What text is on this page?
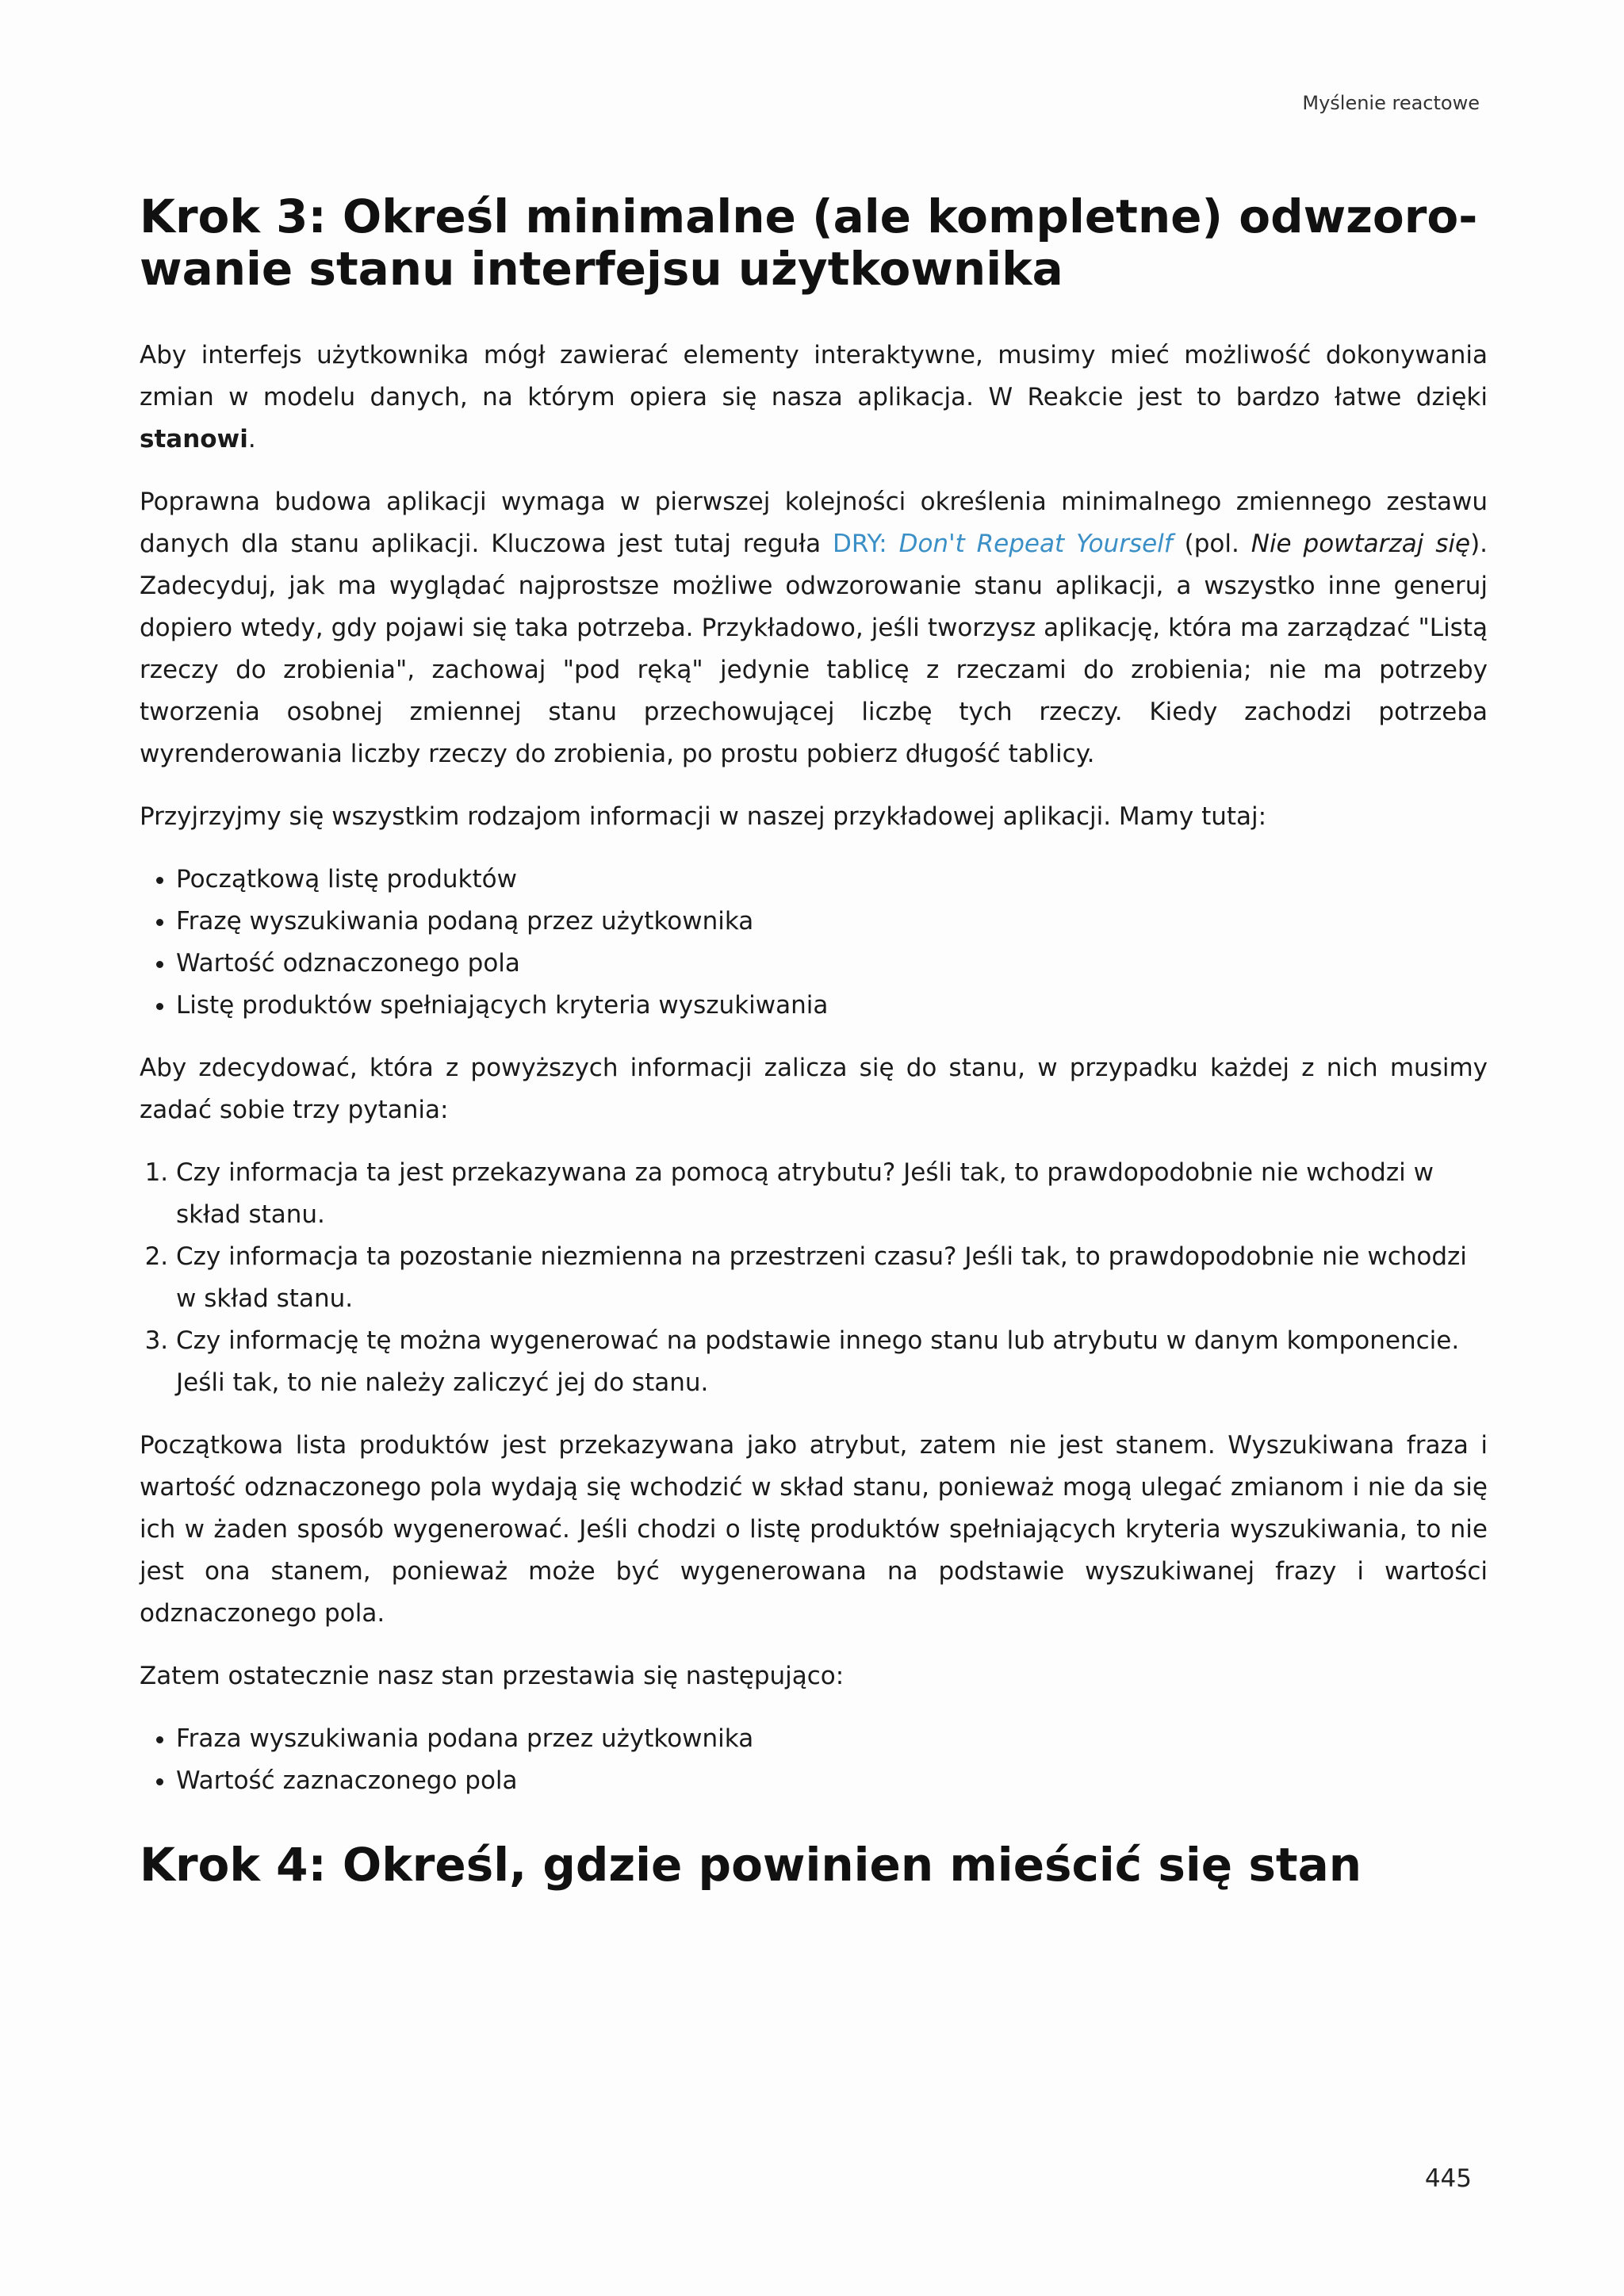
Myślenie reactowe
Krok 3: Określ minimalne (ale kompletne) odwzoro-
wanie stanu interfejsu użytkownika

Aby interfejs użytkownika mógł zawierać elementy interaktywne, musimy mieć możliwość dokonywania zmian w modelu danych, na którym opiera się nasza aplikacja. W Reakcie jest to bardzo łatwe dzięki stanowi.

Poprawna budowa aplikacji wymaga w pierwszej kolejności określenia minimalnego zmiennego zestawu danych dla stanu aplikacji. Kluczowa jest tutaj reguła DRY: Don't Repeat Yourself (pol. Nie powtarzaj się). Zadecyduj, jak ma wyglądać najprostsze możliwe odwzorowanie stanu aplikacji, a wszystko inne generuj dopiero wtedy, gdy pojawi się taka potrzeba. Przykładowo, jeśli tworzysz aplikację, która ma zarządzać "Listą rzeczy do zrobienia", zachowaj "pod ręką" jedynie tablicę z rzeczami do zrobienia; nie ma potrzeby tworzenia osobnej zmiennej stanu przechowującej liczbę tych rzeczy. Kiedy zachodzi potrzeba wyrenderowania liczby rzeczy do zrobienia, po prostu pobierz długość tablicy.

Przyjrzyjmy się wszystkim rodzajom informacji w naszej przykładowej aplikacji. Mamy tutaj:

• Początkową listę produktów
• Frazę wyszukiwania podaną przez użytkownika
• Wartość odznaczonego pola
• Listę produktów spełniających kryteria wyszukiwania

Aby zdecydować, która z powyższych informacji zalicza się do stanu, w przypadku każdej z nich musimy zadać sobie trzy pytania:

1. Czy informacja ta jest przekazywana za pomocą atrybutu? Jeśli tak, to prawdopodobnie nie wchodzi w skład stanu.
2. Czy informacja ta pozostanie niezmienna na przestrzeni czasu? Jeśli tak, to prawdopodobnie nie wchodzi w skład stanu.
3. Czy informację tę można wygenerować na podstawie innego stanu lub atrybutu w danym komponencie. Jeśli tak, to nie należy zaliczyć jej do stanu.

Początkowa lista produktów jest przekazywana jako atrybut, zatem nie jest stanem. Wyszukiwana fraza i wartość odznaczonego pola wydają się wchodzić w skład stanu, ponieważ mogą ulegać zmianom i nie da się ich w żaden sposób wygenerować. Jeśli chodzi o listę produktów spełniających kryteria wyszukiwania, to nie jest ona stanem, ponieważ może być wygenerowana na podstawie wyszukiwanej frazy i wartości odznaczonego pola.

Zatem ostatecznie nasz stan przestawia się następująco:

• Fraza wyszukiwania podana przez użytkownika
• Wartość zaznaczonego pola
Krok 4: Określ, gdzie powinien mieścić się stan
445
